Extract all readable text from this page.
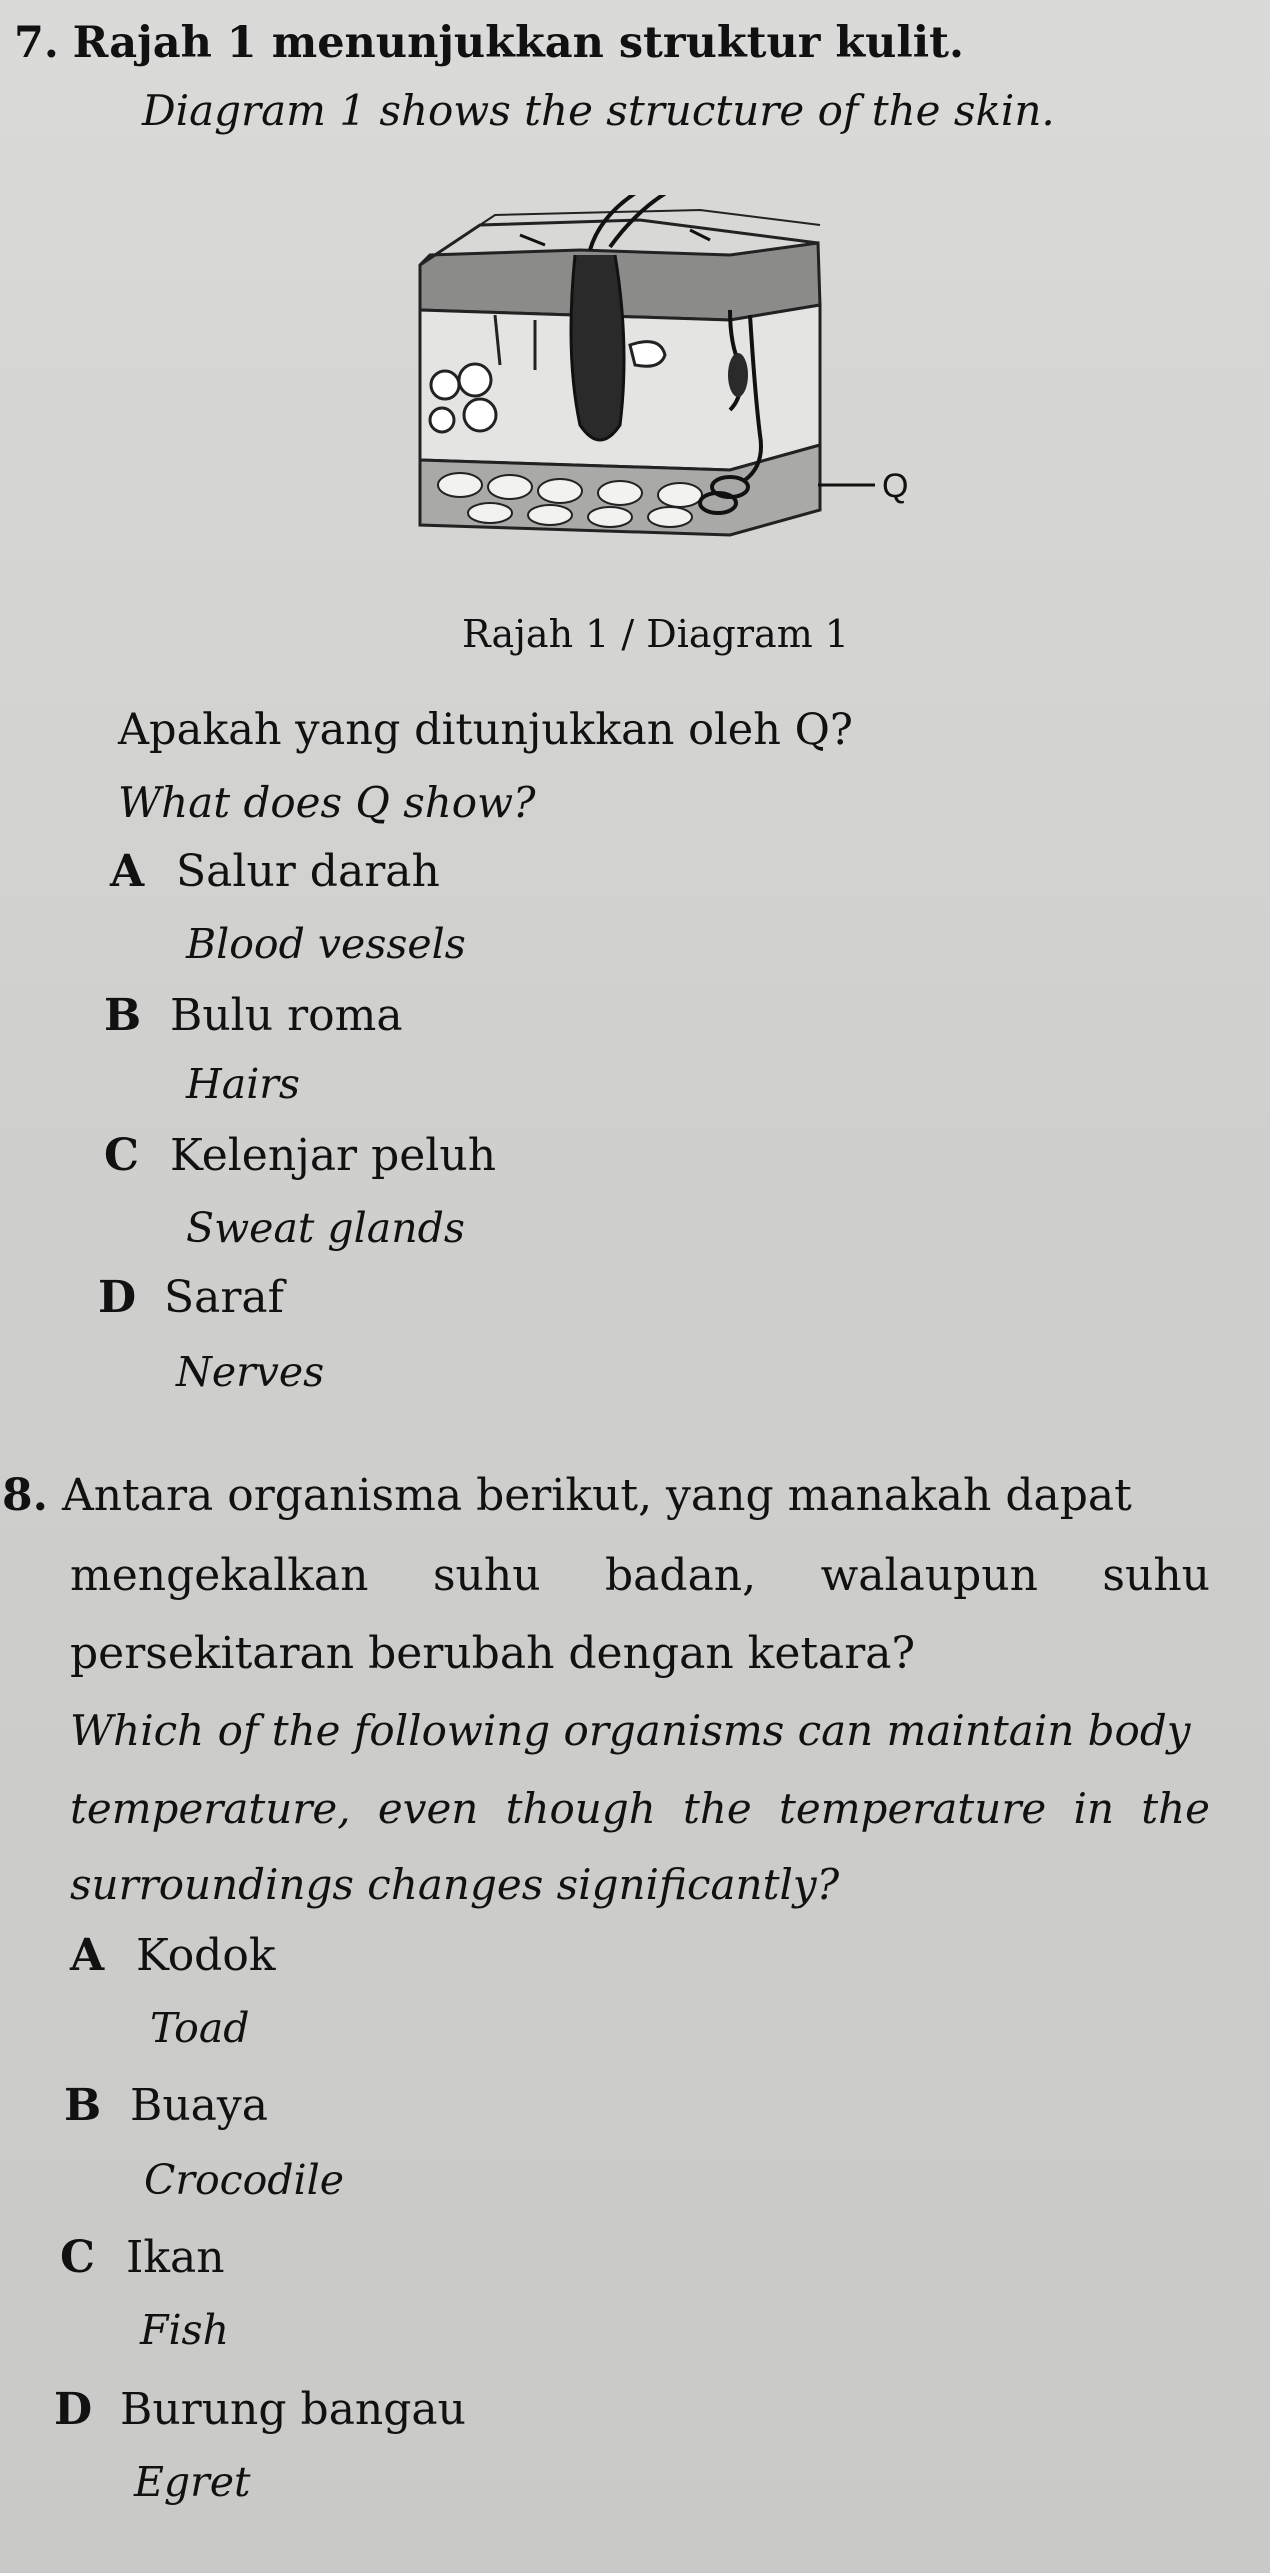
7. Rajah 1 menunjukkan struktur kulit.
Diagram 1 shows the structure of the skin.
Q
Rajah 1 / Diagram 1
Apakah yang ditunjukkan oleh Q?
What does Q show?
A Salur darah
Blood vessels
B Bulu roma
Hairs
C Kelenjar peluh
Sweat glands
D Saraf
Nerves
8. Antara organisma berikut, yang manakah dapat
mengekalkan suhu badan, walaupun suhu
persekitaran berubah dengan ketara?
Which of the following organisms can maintain body
temperature, even though the temperature in the
surroundings changes significantly?
A Kodok
Toad
B Buaya
Crocodile
C Ikan
Fish
D Burung bangau
Egret
